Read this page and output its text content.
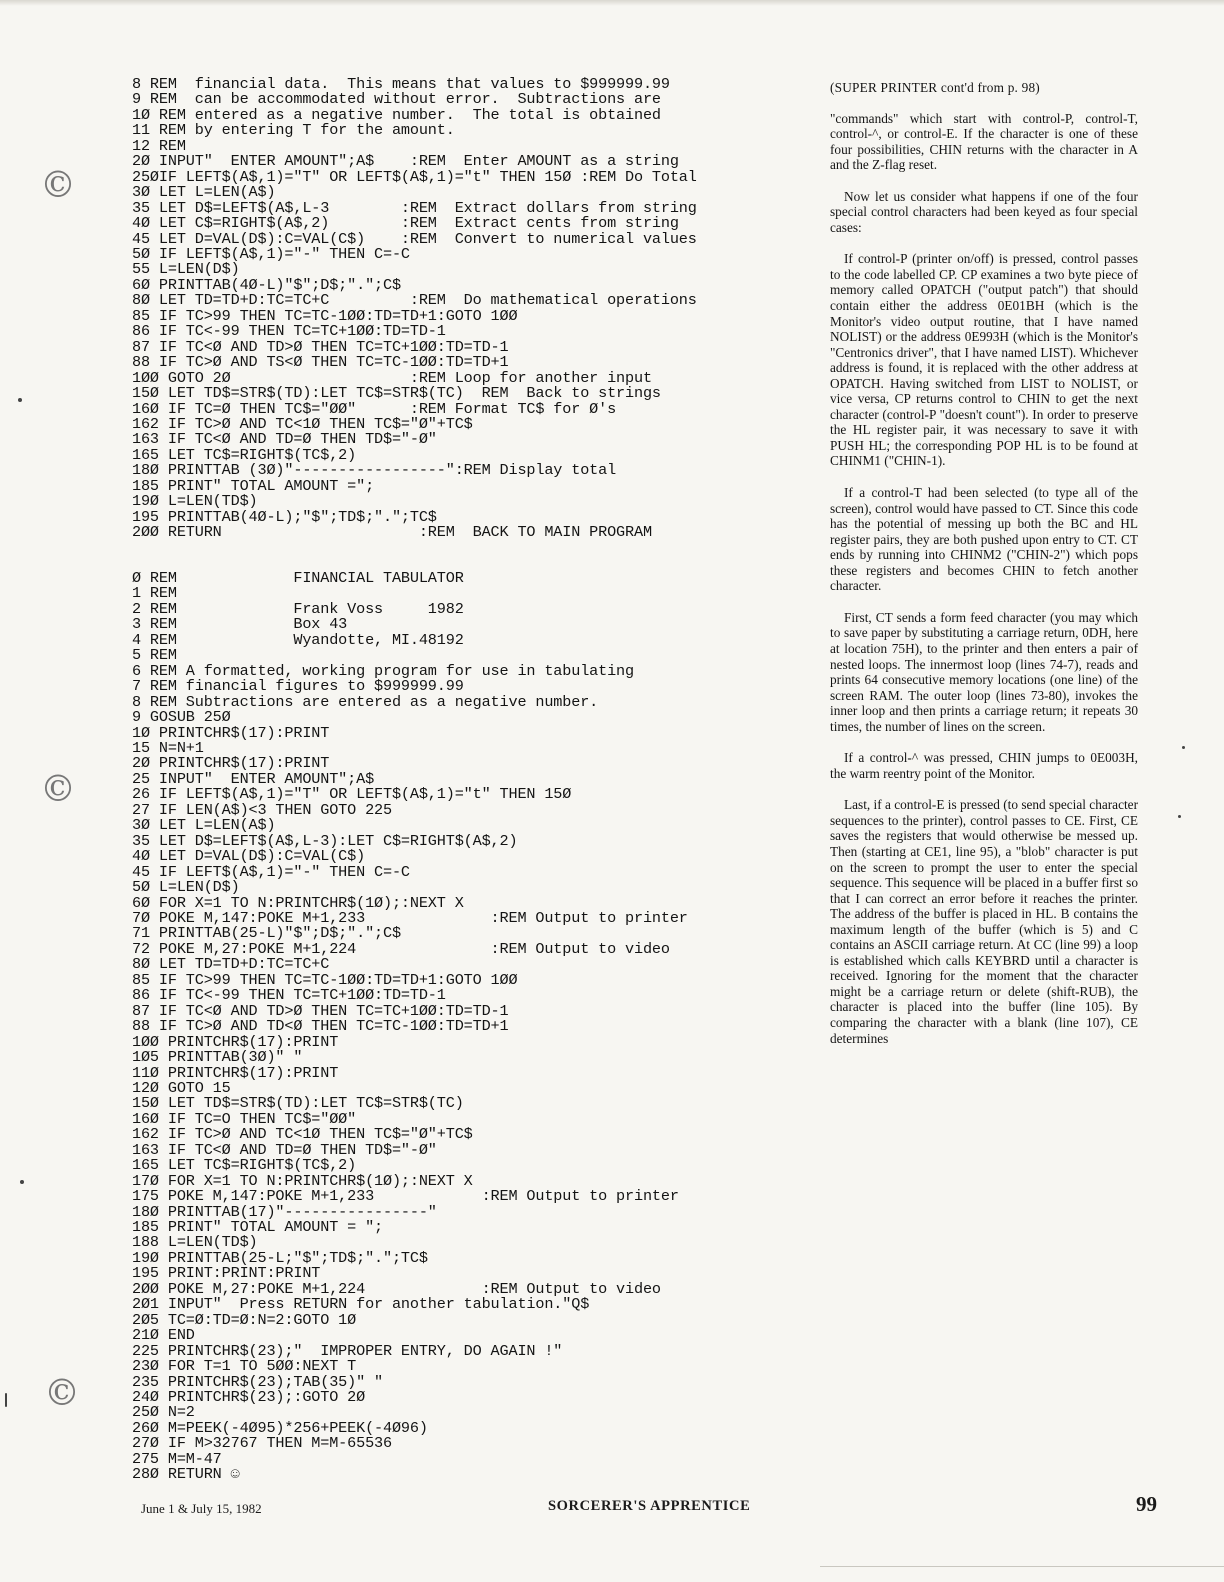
©
©
©
8 REM  financial data.  This means that values to $999999.99
9 REM  can be accommodated without error.  Subtractions are
1Ø REM entered as a negative number.  The total is obtained
11 REM by entering T for the amount.
12 REM
2Ø INPUT"  ENTER AMOUNT";A$    :REM  Enter AMOUNT as a string
25ØIF LEFT$(A$,1)="T" OR LEFT$(A$,1)="t" THEN 15Ø :REM Do Total
3Ø LET L=LEN(A$)
35 LET D$=LEFT$(A$,L-3        :REM  Extract dollars from string
4Ø LET C$=RIGHT$(A$,2)        :REM  Extract cents from string
45 LET D=VAL(D$):C=VAL(C$)    :REM  Convert to numerical values
5Ø IF LEFT$(A$,1)="-" THEN C=-C
55 L=LEN(D$)
6Ø PRINTTAB(4Ø-L)"$";D$;".";C$
8Ø LET TD=TD+D:TC=TC+C         :REM  Do mathematical operations
85 IF TC>99 THEN TC=TC-1ØØ:TD=TD+1:GOTO 1ØØ
86 IF TC<-99 THEN TC=TC+1ØØ:TD=TD-1
87 IF TC<Ø AND TD>Ø THEN TC=TC+1ØØ:TD=TD-1
88 IF TC>Ø AND TS<Ø THEN TC=TC-1ØØ:TD=TD+1
1ØØ GOTO 2Ø                    :REM Loop for another input
15Ø LET TD$=STR$(TD):LET TC$=STR$(TC)  REM  Back to strings
16Ø IF TC=Ø THEN TC$="ØØ"      :REM Format TC$ for Ø's
162 IF TC>Ø AND TC<1Ø THEN TC$="Ø"+TC$
163 IF TC<Ø AND TD=Ø THEN TD$="-Ø"
165 LET TC$=RIGHT$(TC$,2)
18Ø PRINTTAB (3Ø)"-----------------":REM Display total
185 PRINT" TOTAL AMOUNT =";
19Ø L=LEN(TD$)
195 PRINTTAB(4Ø-L);"$";TD$;".";TC$
2ØØ RETURN                      :REM  BACK TO MAIN PROGRAM

Ø REM             FINANCIAL TABULATOR
1 REM
2 REM             Frank Voss     1982
3 REM             Box 43
4 REM             Wyandotte, MI.48192
5 REM
6 REM A formatted, working program for use in tabulating
7 REM financial figures to $999999.99
8 REM Subtractions are entered as a negative number.
9 GOSUB 25Ø
1Ø PRINTCHR$(17):PRINT
15 N=N+1
2Ø PRINTCHR$(17):PRINT
25 INPUT"  ENTER AMOUNT";A$
26 IF LEFT$(A$,1)="T" OR LEFT$(A$,1)="t" THEN 15Ø
27 IF LEN(A$)<3 THEN GOTO 225
3Ø LET L=LEN(A$)
35 LET D$=LEFT$(A$,L-3):LET C$=RIGHT$(A$,2)
4Ø LET D=VAL(D$):C=VAL(C$)
45 IF LEFT$(A$,1)="-" THEN C=-C
5Ø L=LEN(D$)
6Ø FOR X=1 TO N:PRINTCHR$(1Ø);:NEXT X
7Ø POKE M,147:POKE M+1,233              :REM Output to printer
71 PRINTTAB(25-L)"$";D$;".";C$
72 POKE M,27:POKE M+1,224               :REM Output to video
8Ø LET TD=TD+D:TC=TC+C
85 IF TC>99 THEN TC=TC-1ØØ:TD=TD+1:GOTO 1ØØ
86 IF TC<-99 THEN TC=TC+1ØØ:TD=TD-1
87 IF TC<Ø AND TD>Ø THEN TC=TC+1ØØ:TD=TD-1
88 IF TC>Ø AND TD<Ø THEN TC=TC-1ØØ:TD=TD+1
1ØØ PRINTCHR$(17):PRINT
1Ø5 PRINTTAB(3Ø)" "
11Ø PRINTCHR$(17):PRINT
12Ø GOTO 15
15Ø LET TD$=STR$(TD):LET TC$=STR$(TC)
16Ø IF TC=O THEN TC$="ØØ"
162 IF TC>Ø AND TC<1Ø THEN TC$="Ø"+TC$
163 IF TC<Ø AND TD=Ø THEN TD$="-Ø"
165 LET TC$=RIGHT$(TC$,2)
17Ø FOR X=1 TO N:PRINTCHR$(1Ø);:NEXT X
175 POKE M,147:POKE M+1,233            :REM Output to printer
18Ø PRINTTAB(17)"----------------"
185 PRINT" TOTAL AMOUNT = ";
188 L=LEN(TD$)
19Ø PRINTTAB(25-L;"$";TD$;".";TC$
195 PRINT:PRINT:PRINT
2ØØ POKE M,27:POKE M+1,224             :REM Output to video
2Ø1 INPUT"  Press RETURN for another tabulation."Q$
2Ø5 TC=Ø:TD=Ø:N=2:GOTO 1Ø
21Ø END
225 PRINTCHR$(23);"  IMPROPER ENTRY, DO AGAIN !"
23Ø FOR T=1 TO 5ØØ:NEXT T
235 PRINTCHR$(23);TAB(35)" "
24Ø PRINTCHR$(23);:GOTO 2Ø
25Ø N=2
26Ø M=PEEK(-4Ø95)*256+PEEK(-4Ø96)
27Ø IF M>32767 THEN M=M-65536
275 M=M-47
28Ø RETURN ☺

(SUPER PRINTER cont'd from p. 98)

"commands" which start with control-P, control-T, control-^, or control-E. If the character is one of these four possibilities, CHIN returns with the character in A and the Z-flag reset.

Now let us consider what happens if one of the four special control characters had been keyed as four special cases:

If control-P (printer on/off) is pressed, control passes to the code labelled CP. CP examines a two byte piece of memory called OPATCH ("output patch") that should contain either the address 0E01BH (which is the Monitor's video output routine, that I have named NOLIST) or the address 0E993H (which is the Monitor's "Centronics driver", that I have named LIST). Whichever address is found, it is replaced with the other address at OPATCH. Having switched from LIST to NOLIST, or vice versa, CP returns control to CHIN to get the next character (control-P "doesn't count"). In order to preserve the HL register pair, it was necessary to save it with PUSH HL; the corresponding POP HL is to be found at CHINM1 ("CHIN-1).

If a control-T had been selected (to type all of the screen), control would have passed to CT. Since this code has the potential of messing up both the BC and HL register pairs, they are both pushed upon entry to CT. CT ends by running into CHINM2 ("CHIN-2") which pops these registers and becomes CHIN to fetch another character.

First, CT sends a form feed character (you may which to save paper by substituting a carriage return, 0DH, here at location 75H), to the printer and then enters a pair of nested loops. The innermost loop (lines 74-7), reads and prints 64 consecutive memory locations (one line) of the screen RAM. The outer loop (lines 73-80), invokes the inner loop and then prints a carriage return; it repeats 30 times, the number of lines on the screen.

If a control-^ was pressed, CHIN jumps to 0E003H, the warm reentry point of the Monitor.

Last, if a control-E is pressed (to send special character sequences to the printer), control passes to CE. First, CE saves the registers that would otherwise be messed up. Then (starting at CE1, line 95), a "blob" character is put on the screen to prompt the user to enter the special sequence. This sequence will be placed in a buffer first so that I can correct an error before it reaches the printer. The address of the buffer is placed in HL. B contains the maximum length of the buffer (which is 5) and C contains an ASCII carriage return. At CC (line 99) a loop is established which calls KEYBRD until a character is received. Ignoring for the moment that the character might be a carriage return or delete (shift-RUB), the character is placed into the buffer (line 105). By comparing the character with a blank (line 107), CE determines

June 1 & July 15, 1982	SORCERER'S APPRENTICE	99
